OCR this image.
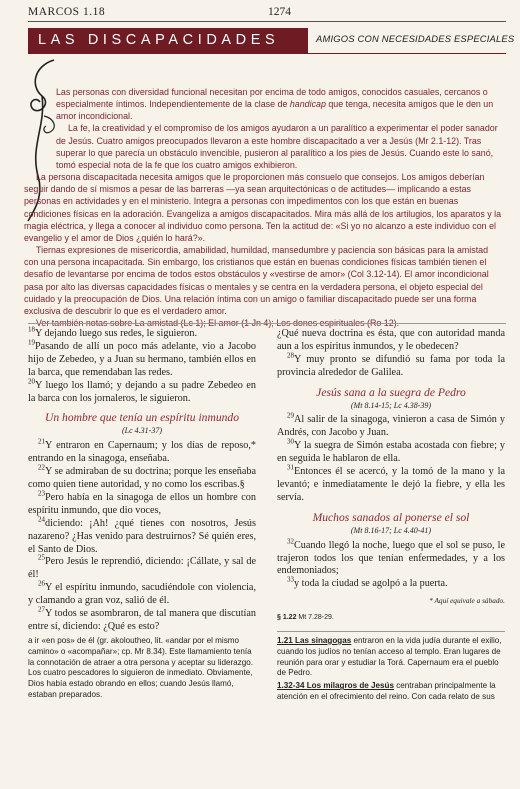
MARCOS 1.18	1274
LAS DISCAPACIDADES	AMIGOS CON NECESIDADES ESPECIALES

Las personas con diversidad funcional necesitan por encima de todo amigos, conocidos casuales, cercanos o especialmente íntimos. Independientemente de la clase de handicap que tenga, necesita amigos que le den un amor incondicional.

La fe, la creatividad y el compromiso de los amigos ayudaron a un paralítico a experimentar el poder sanador de Jesús. Cuatro amigos preocupados llevaron a este hombre discapacitado a ver a Jesús (Mr 2.1-12). Tras superar lo que parecía un obstáculo invencible, pusieron al paralítico a los pies de Jesús. Cuando este lo sanó, tomó especial nota de la fe que los cuatro amigos exhibieron.

La persona discapacitada necesita amigos que le proporcionen más consuelo que consejos. Los amigos deberían seguir dando de sí mismos a pesar de las barreras —ya sean arquitectónicas o de actitudes— implicando a estas personas en actividades y en el ministerio. Integra a personas con impedimentos con los que están en buenas condiciones físicas en la adoración. Evangeliza a amigos discapacitados. Mira más allá de los artilugios, los aparatos y la magia eléctrica, y llega a conocer al individuo como persona. Ten la actitud de: «Si yo no alcanzo a este individuo con el evangelio y el amor de Dios ¿quién lo hará?».

Tiernas expresiones de misericordia, amabilidad, humildad, mansedumbre y paciencia son básicas para la amistad con una persona incapacitada. Sin embargo, los cristianos que están en buenas condiciones físicas también tienen el desafío de levantarse por encima de todos estos obstáculos y «vestirse de amor» (Col 3.12-14). El amor incondicional pasa por alto las diversas capacidades físicas o mentales y se centra en la verdadera persona, el objeto especial del cuidado y la preocupación de Dios. Una relación íntima con un amigo o familiar discapacitado puede ser una forma exclusiva de descubrir lo que es el verdadero amor.

Ver también notas sobre La amistad (Lc 1); El amor (1 Jn 4); Los dones espirituales (Ro 12).

$^{18}$Y dejando luego sus redes, le siguieron.

$^{19}$Pasando de allí un poco más adelante, vio a Jacobo hijo de Zebedeo, y a Juan su hermano, también ellos en la barca, que remendaban las redes.

$^{20}$Y luego los llamó; y dejando a su padre Zebedeo en la barca con los jornaleros, le siguieron.

Un hombre que tenía un espíritu inmundo
(Lc 4.31-37)

$^{21}$Y entraron en Capernaum; y los días de reposo,* entrando en la sinagoga, enseñaba.

$^{22}$Y se admiraban de su doctrina; porque les enseñaba como quien tiene autoridad, y no como los escribas.§

$^{23}$Pero había en la sinagoga de ellos un hombre con espíritu inmundo, que dio voces,

$^{24}$diciendo: ¡Ah! ¿qué tienes con nosotros, Jesús nazareno? ¿Has venido para destruirnos? Sé quién eres, el Santo de Dios.

$^{25}$Pero Jesús le reprendió, diciendo: ¡Cállate, y sal de él!

$^{26}$Y el espíritu inmundo, sacudiéndole con violencia, y clamando a gran voz, salió de él.

$^{27}$Y todos se asombraron, de tal manera que discutían entre sí, diciendo: ¿Qué es esto?

¿Qué nueva doctrina es ésta, que con autoridad manda aun a los espíritus inmundos, y le obedecen?

$^{28}$Y muy pronto se difundió su fama por toda la provincia alrededor de Galilea.

Jesús sana a la suegra de Pedro
(Mt 8.14-15; Lc 4.38-39)

$^{29}$Al salir de la sinagoga, vinieron a casa de Simón y Andrés, con Jacobo y Juan.

$^{30}$Y la suegra de Simón estaba acostada con fiebre; y en seguida le hablaron de ella.

$^{31}$Entonces él se acercó, y la tomó de la mano y la levantó; e inmediatamente le dejó la fiebre, y ella les servía.

Muchos sanados al ponerse el sol
(Mt 8.16-17; Lc 4.40-41)

$^{32}$Cuando llegó la noche, luego que el sol se puso, le trajeron todos los que tenían enfermedades, y a los endemoniados;

$^{33}$y toda la ciudad se agolpó a la puerta.

* Aquí equivale a sábado.
§ 1.22 Mt 7.28-29.

a ir «en pos» de él (gr. akoloutheo, lit. «andar por el mismo camino» o «acompañar»; cp. Mr 8.34). Este llamamiento tenía la connotación de atraer a otra persona y aceptar su liderazgo. Los cuatro pescadores lo siguieron de inmediato. Obviamente, Dios había estado obrando en ellos; cuando Jesús llamó, estaban preparados.

1.21 Las sinagogas entraron en la vida judía durante el exilio, cuando los judíos no tenían acceso al templo. Eran lugares de reunión para orar y estudiar la Torá. Capernaum era el pueblo de Pedro.

1.32-34 Los milagros de Jesús centraban principalmente la atención en el ofrecimiento del reino. Con cada relato de sus
